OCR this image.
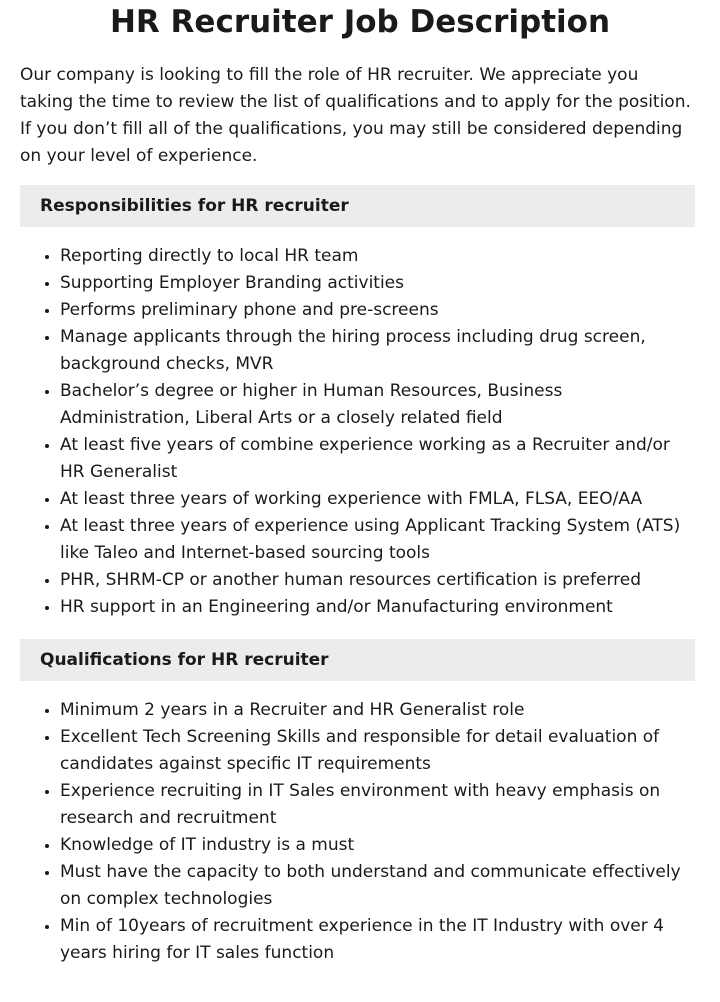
HR Recruiter Job Description

Our company is looking to fill the role of HR recruiter. We appreciate you taking the time to review the list of qualifications and to apply for the position. If you don’t fill all of the qualifications, you may still be considered depending on your level of experience.

Responsibilities for HR recruiter
• Reporting directly to local HR team
• Supporting Employer Branding activities
• Performs preliminary phone and pre-screens
• Manage applicants through the hiring process including drug screen, background checks, MVR
• Bachelor’s degree or higher in Human Resources, Business Administration, Liberal Arts or a closely related field
• At least five years of combine experience working as a Recruiter and/or HR Generalist
• At least three years of working experience with FMLA, FLSA, EEO/AA
• At least three years of experience using Applicant Tracking System (ATS) like Taleo and Internet-based sourcing tools
• PHR, SHRM-CP or another human resources certification is preferred
• HR support in an Engineering and/or Manufacturing environment
Qualifications for HR recruiter
• Minimum 2 years in a Recruiter and HR Generalist role
• Excellent Tech Screening Skills and responsible for detail evaluation of candidates against specific IT requirements
• Experience recruiting in IT Sales environment with heavy emphasis on research and recruitment
• Knowledge of IT industry is a must
• Must have the capacity to both understand and communicate effectively on complex technologies
• Min of 10years of recruitment experience in the IT Industry with over 4 years hiring for IT sales function
